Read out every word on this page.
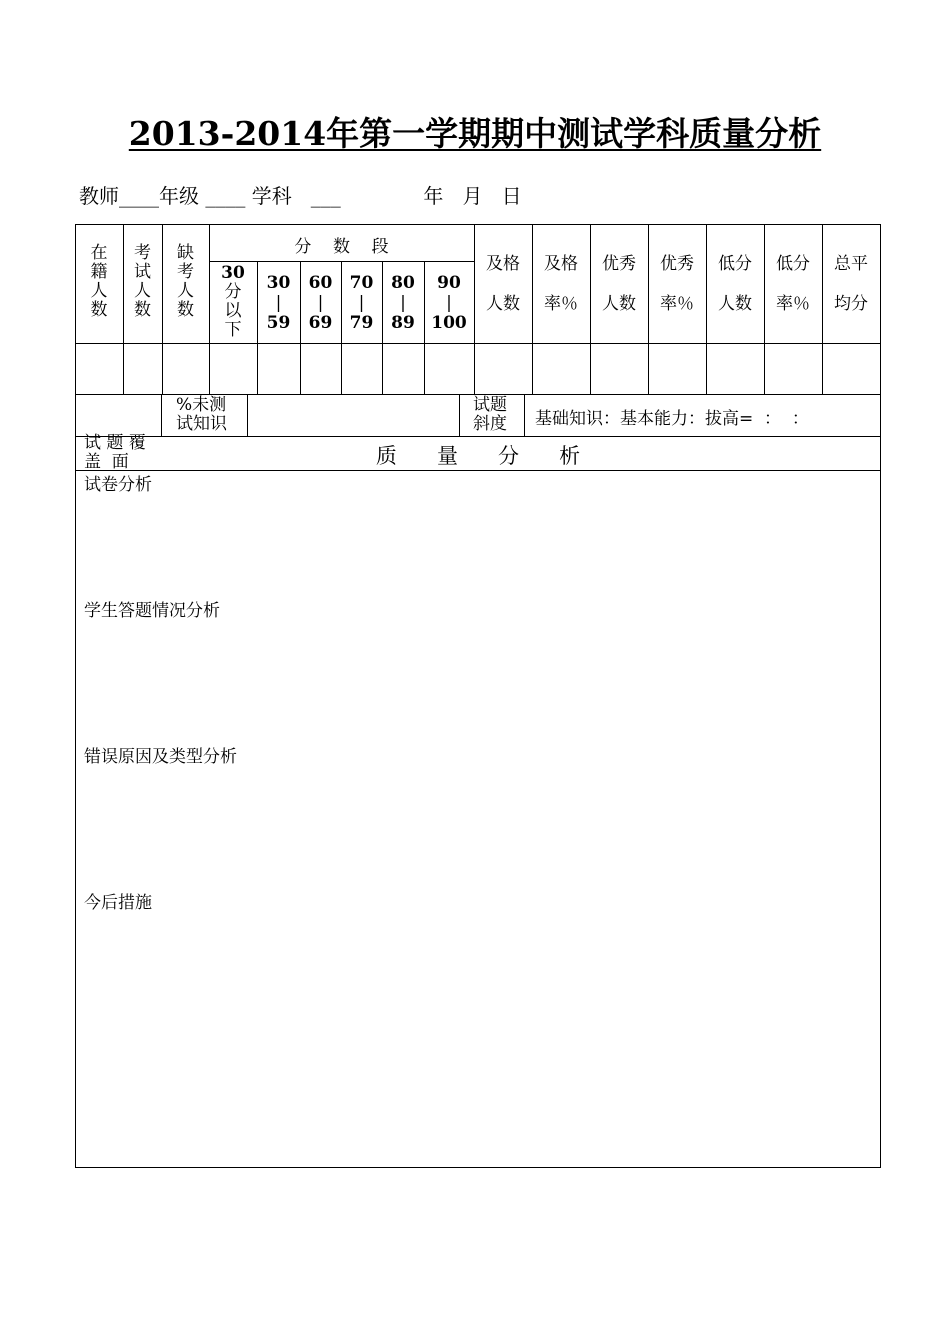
2013-2014年第一学期期中测试学科质量分析
教师____年级 ____ 学科   ___             年   月   日
在
籍
人
数
考
试
人
数
缺
考
人
数
分    数    段
30
分
以
下
30
|
59
60
|
69
70
|
79
80
|
89
90
|
100
及格
人数
及格
率％
优秀
人数
优秀
率％
低分
人数
低分
率％
总平
均分

试 题 覆
盖  面

%未测
试知识
试题
斜度	基础知识：基本能力：拔高=  ：  ：
质      量      分      析
试卷分析
学生答题情况分析
错误原因及类型分析
今后措施
